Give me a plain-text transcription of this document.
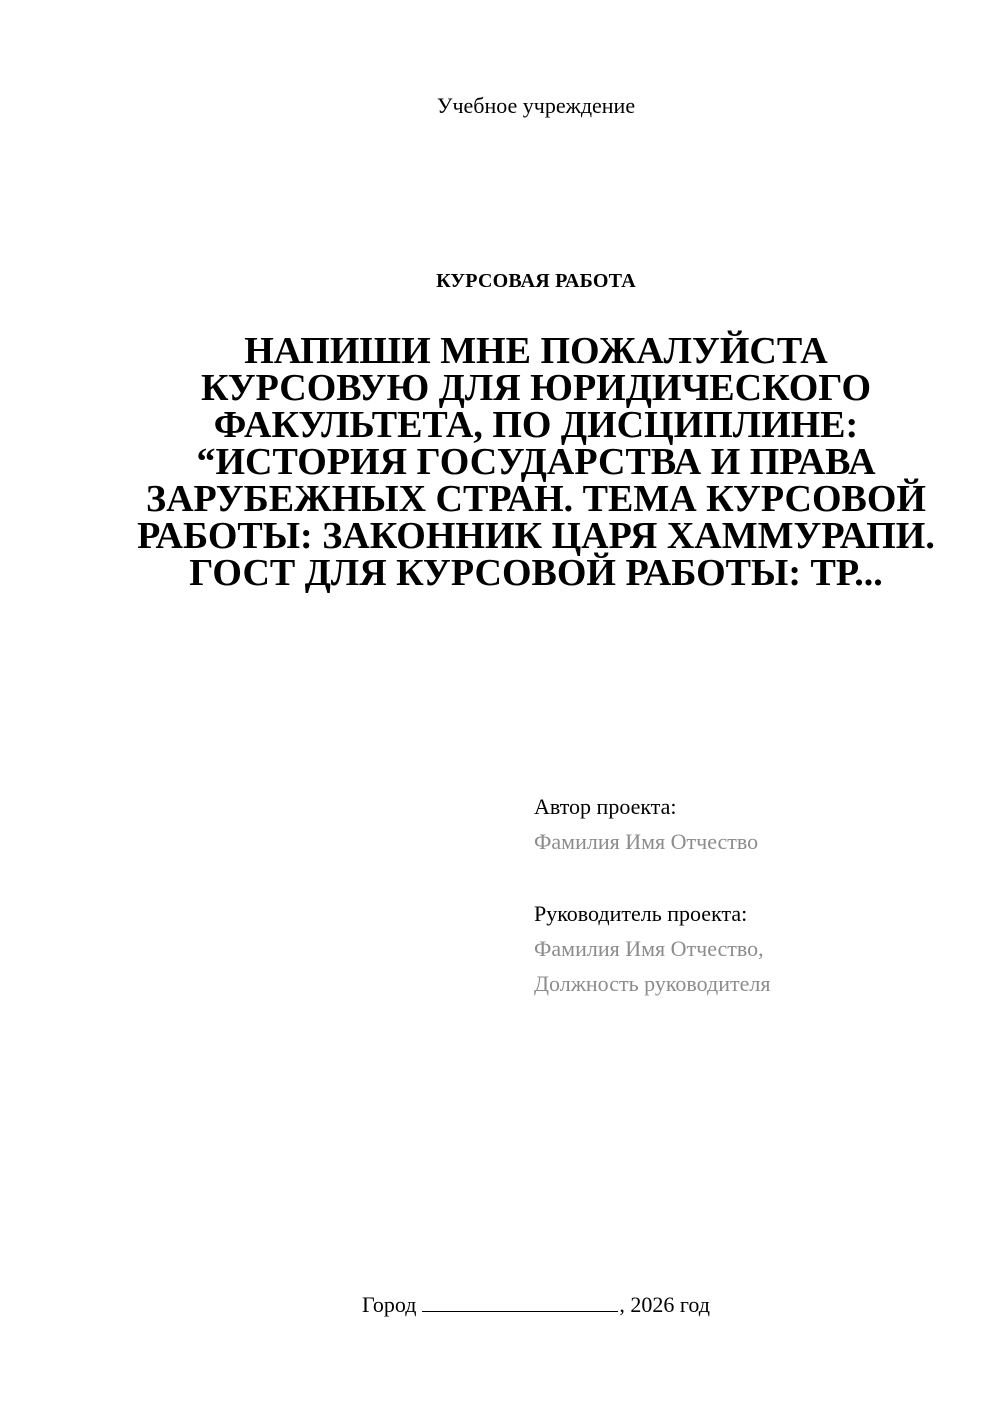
Учебное учреждение
КУРСОВАЯ РАБОТА
НАПИШИ МНЕ ПОЖАЛУЙСТА КУРСОВУЮ ДЛЯ ЮРИДИЧЕСКОГО ФАКУЛЬТЕТА, ПО ДИСЦИПЛИНЕ: “ИСТОРИЯ ГОСУДАРСТВА И ПРАВА ЗАРУБЕЖНЫХ СТРАН. ТЕМА КУРСОВОЙ РАБОТЫ: ЗАКОННИК ЦАРЯ ХАММУРАПИ. ГОСТ ДЛЯ КУРСОВОЙ РАБОТЫ: ТР...
Автор проекта:
Фамилия Имя Отчество
Руководитель проекта:
Фамилия Имя Отчество,
Должность руководителя
Город	, 2026 год
